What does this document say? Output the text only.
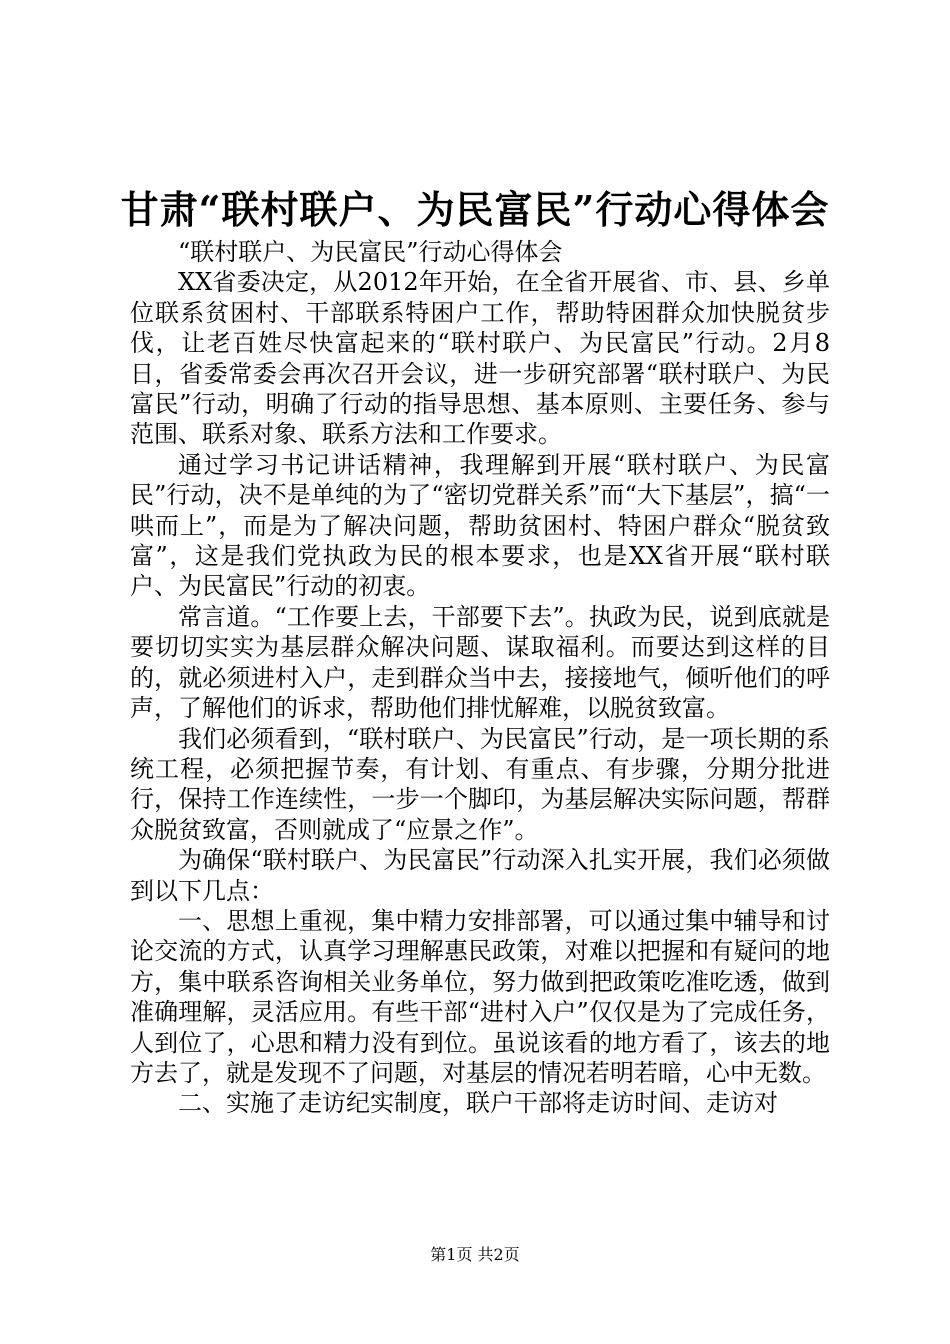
甘肃“联村联户、为民富民”行动心得体会

“联村联户、为民富民”行动心得体会

XX省委决定，从2012年开始，在全省开展省、市、县、乡单位联系贫困村、干部联系特困户工作，帮助特困群众加快脱贫步伐，让老百姓尽快富起来的“联村联户、为民富民”行动。2月8日，省委常委会再次召开会议，进一步研究部署“联村联户、为民富民”行动，明确了行动的指导思想、基本原则、主要任务、参与范围、联系对象、联系方法和工作要求。

通过学习书记讲话精神，我理解到开展“联村联户、为民富民”行动，决不是单纯的为了“密切党群关系”而“大下基层”，搞“一哄而上”，而是为了解决问题，帮助贫困村、特困户群众“脱贫致富”，这是我们党执政为民的根本要求，也是XX省开展“联村联户、为民富民”行动的初衷。

常言道。“工作要上去，干部要下去”。执政为民，说到底就是要切切实实为基层群众解决问题、谋取福利。而要达到这样的目的，就必须进村入户，走到群众当中去，接接地气，倾听他们的呼声，了解他们的诉求，帮助他们排忧解难，以脱贫致富。

我们必须看到，“联村联户、为民富民”行动，是一项长期的系统工程，必须把握节奏，有计划、有重点、有步骤，分期分批进行，保持工作连续性，一步一个脚印，为基层解决实际问题，帮群众脱贫致富，否则就成了“应景之作”。

为确保“联村联户、为民富民”行动深入扎实开展，我们必须做到以下几点：

一、思想上重视，集中精力安排部署，可以通过集中辅导和讨论交流的方式，认真学习理解惠民政策，对难以把握和有疑问的地方，集中联系咨询相关业务单位，努力做到把政策吃准吃透，做到准确理解，灵活应用。有些干部“进村入户”仅仅是为了完成任务，人到位了，心思和精力没有到位。虽说该看的地方看了，该去的地方去了，就是发现不了问题，对基层的情况若明若暗，心中无数。

二、实施了走访纪实制度，联户干部将走访时间、走访对

第1页 共2页
